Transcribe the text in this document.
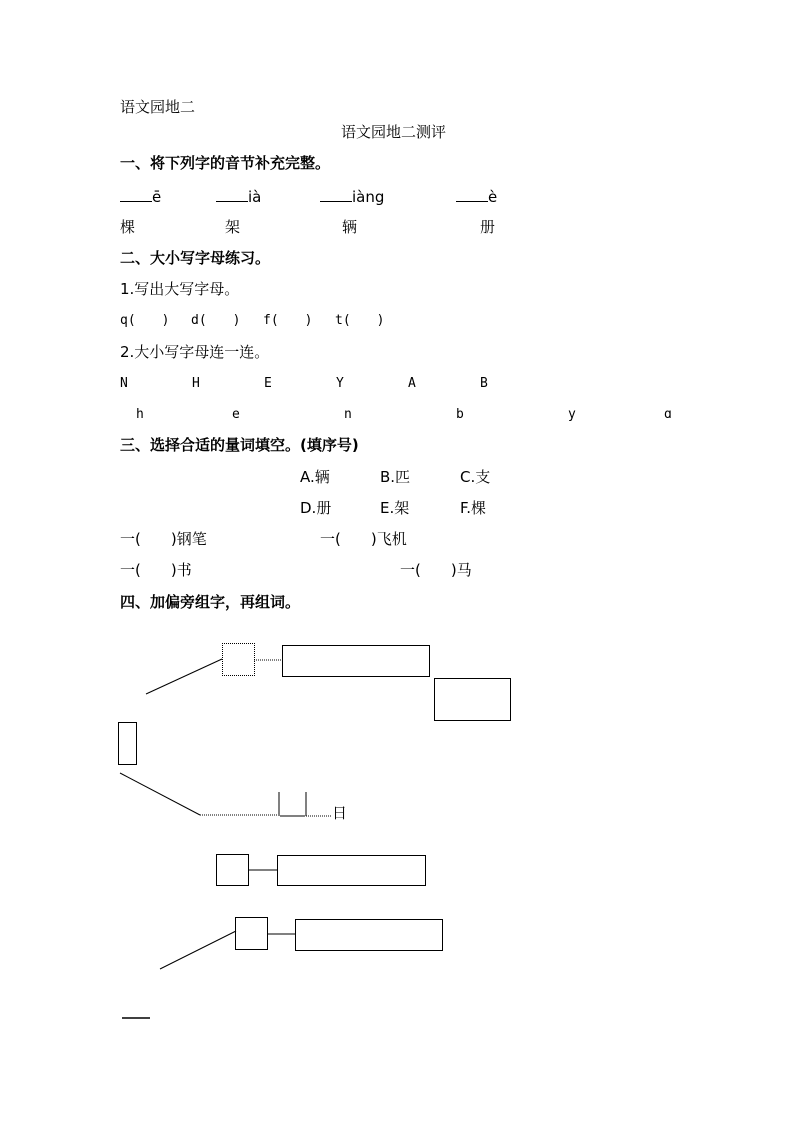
语文园地二
语文园地二测评
一、将下列字的音节补充完整。
ē	ià	iàng	è
棵	架	辆	册
二、大小写字母练习。
1.写出大写字母。
q(　　) d(　　) f(　　) t(　　)
2.大小写字母连一连。
N	H	E	Y	A	B
h	e	n	b	y	ɑ
三、选择合适的量词填空。(填序号)
A.辆	B.匹	C.支
D.册	E.架	F.棵
一(　　)钢笔	一(　　)飞机
一(　　)书	一(　　)马
四、加偏旁组字，再组词。
日
